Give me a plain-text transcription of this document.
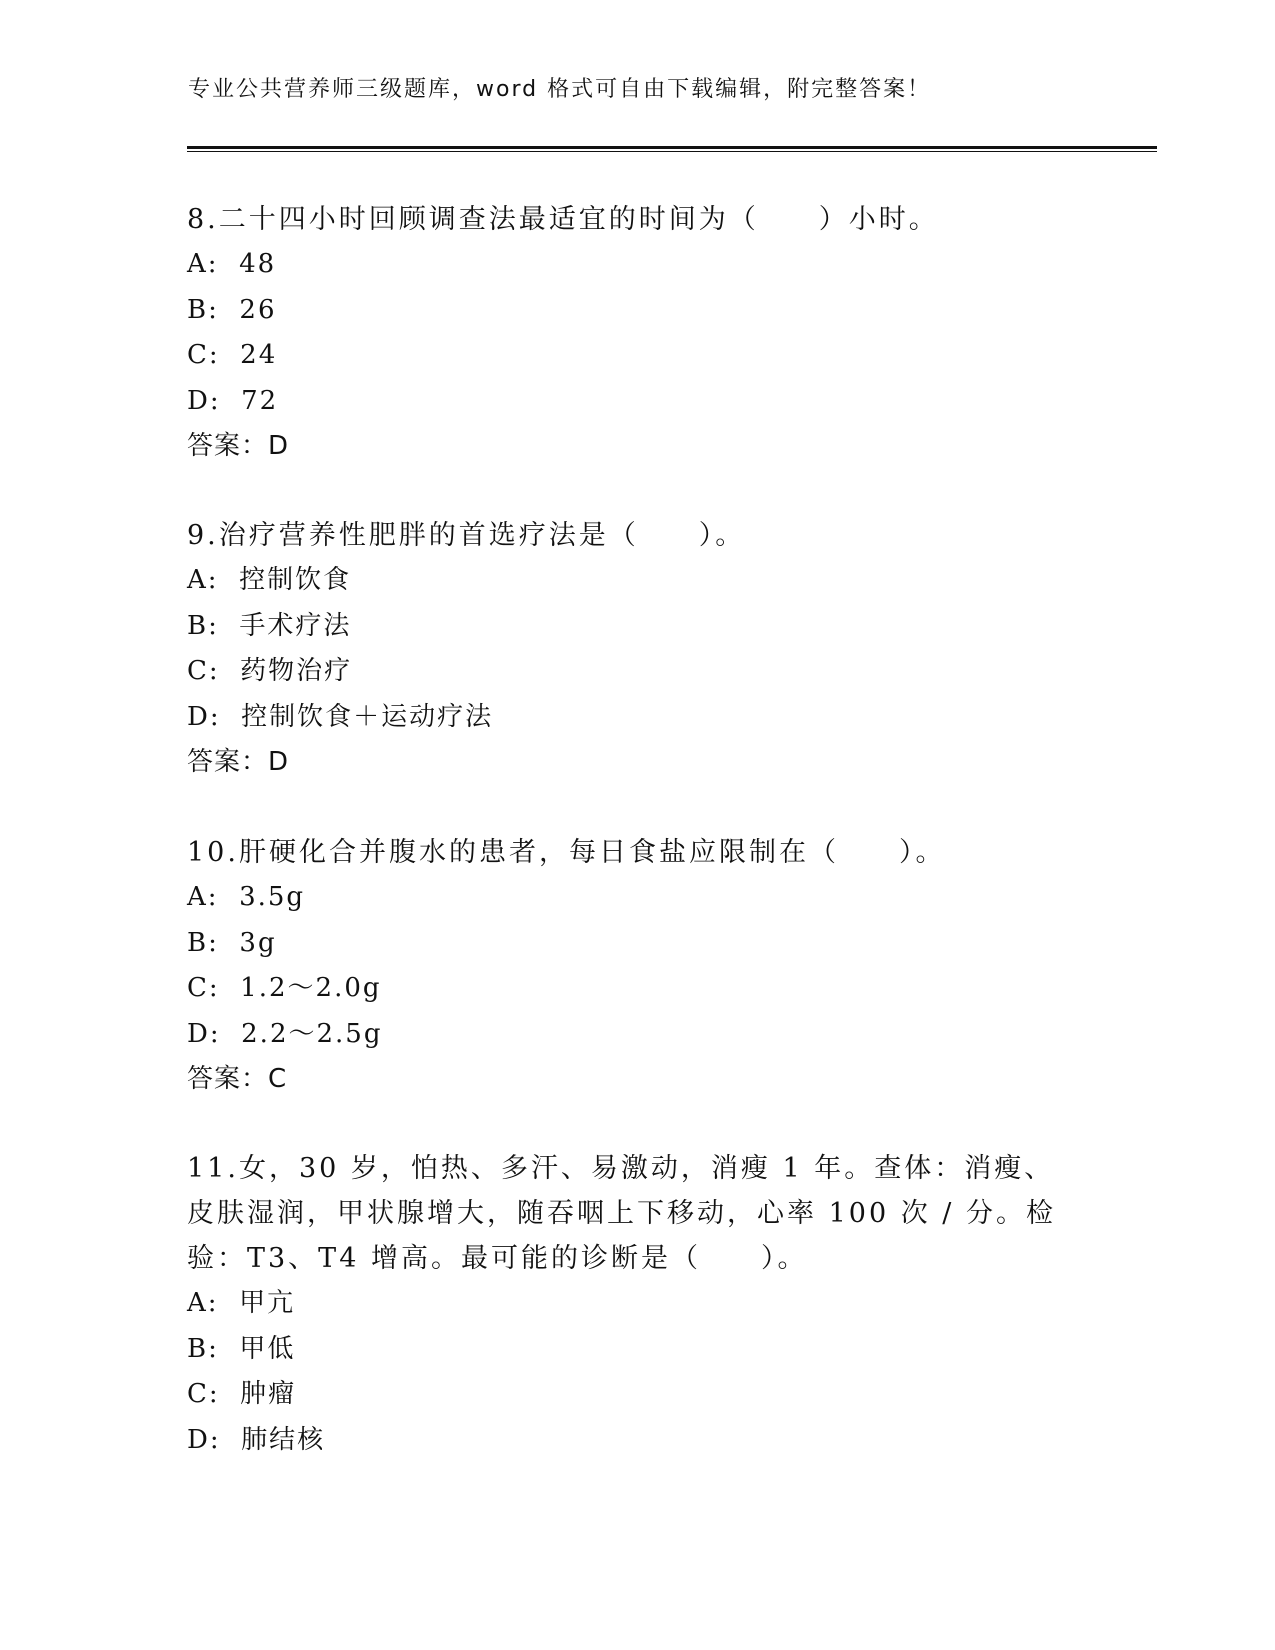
专业公共营养师三级题库，word 格式可自由下载编辑，附完整答案！

8.二十四小时回顾调查法最适宜的时间为（　　）小时。

A:  48

B:  26

C:  24

D:  72

答案：D

9.治疗营养性肥胖的首选疗法是（　　）。

A:  控制饮食

B:  手术疗法

C:  药物治疗

D:  控制饮食＋运动疗法

答案：D

10.肝硬化合并腹水的患者，每日食盐应限制在（　　）。

A:  3.5g

B:  3g

C:  1.2～2.0g

D:  2.2～2.5g

答案：C

11.女，30 岁，怕热、多汗、易激动，消瘦 1 年。查体：消瘦、皮肤湿润，甲状腺增大，随吞咽上下移动，心率 100 次 / 分。检验：T3、T4 增高。最可能的诊断是（　　）。

A:  甲亢

B:  甲低

C:  肿瘤

D:  肺结核
